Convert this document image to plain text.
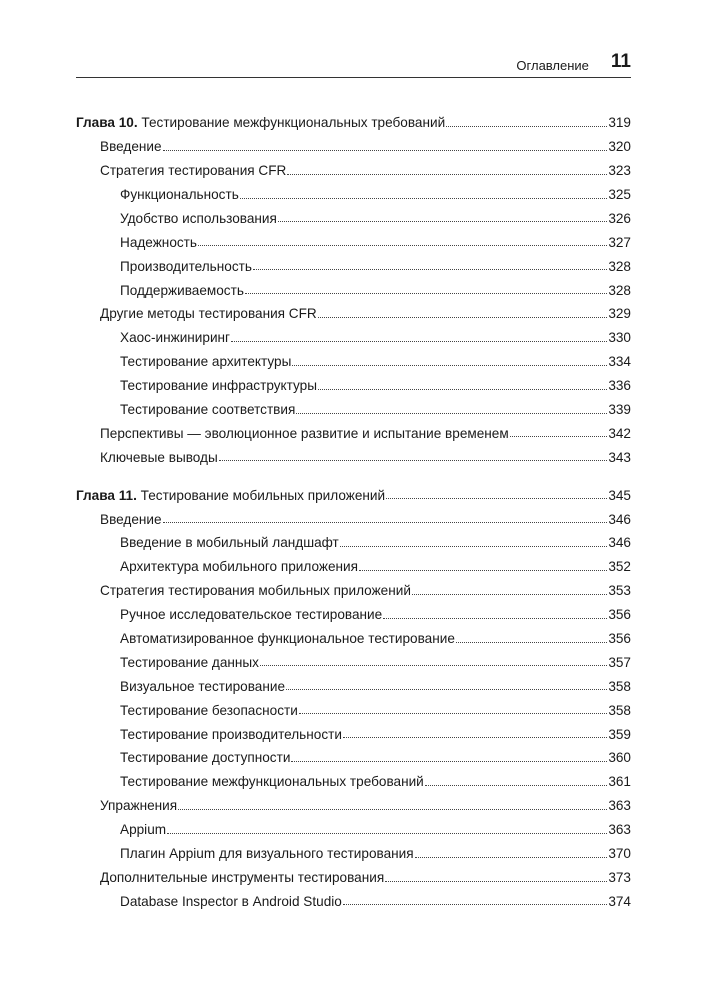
Оглавление 11
Глава 10. Тестирование межфункциональных требований	319
Введение	320
Стратегия тестирования CFR	323
Функциональность	325
Удобство использования	326
Надежность	327
Производительность	328
Поддерживаемость	328
Другие методы тестирования CFR	329
Хаос-инжиниринг	330
Тестирование архитектуры	334
Тестирование инфраструктуры	336
Тестирование соответствия	339
Перспективы — эволюционное развитие и испытание временем	342
Ключевые выводы	343
Глава 11. Тестирование мобильных приложений	345
Введение	346
Введение в мобильный ландшафт	346
Архитектура мобильного приложения	352
Стратегия тестирования мобильных приложений	353
Ручное исследовательское тестирование	356
Автоматизированное функциональное тестирование	356
Тестирование данных	357
Визуальное тестирование	358
Тестирование безопасности	358
Тестирование производительности	359
Тестирование доступности	360
Тестирование межфункциональных требований	361
Упражнения	363
Appium	363
Плагин Appium для визуального тестирования	370
Дополнительные инструменты тестирования	373
Database Inspector в Android Studio	374
